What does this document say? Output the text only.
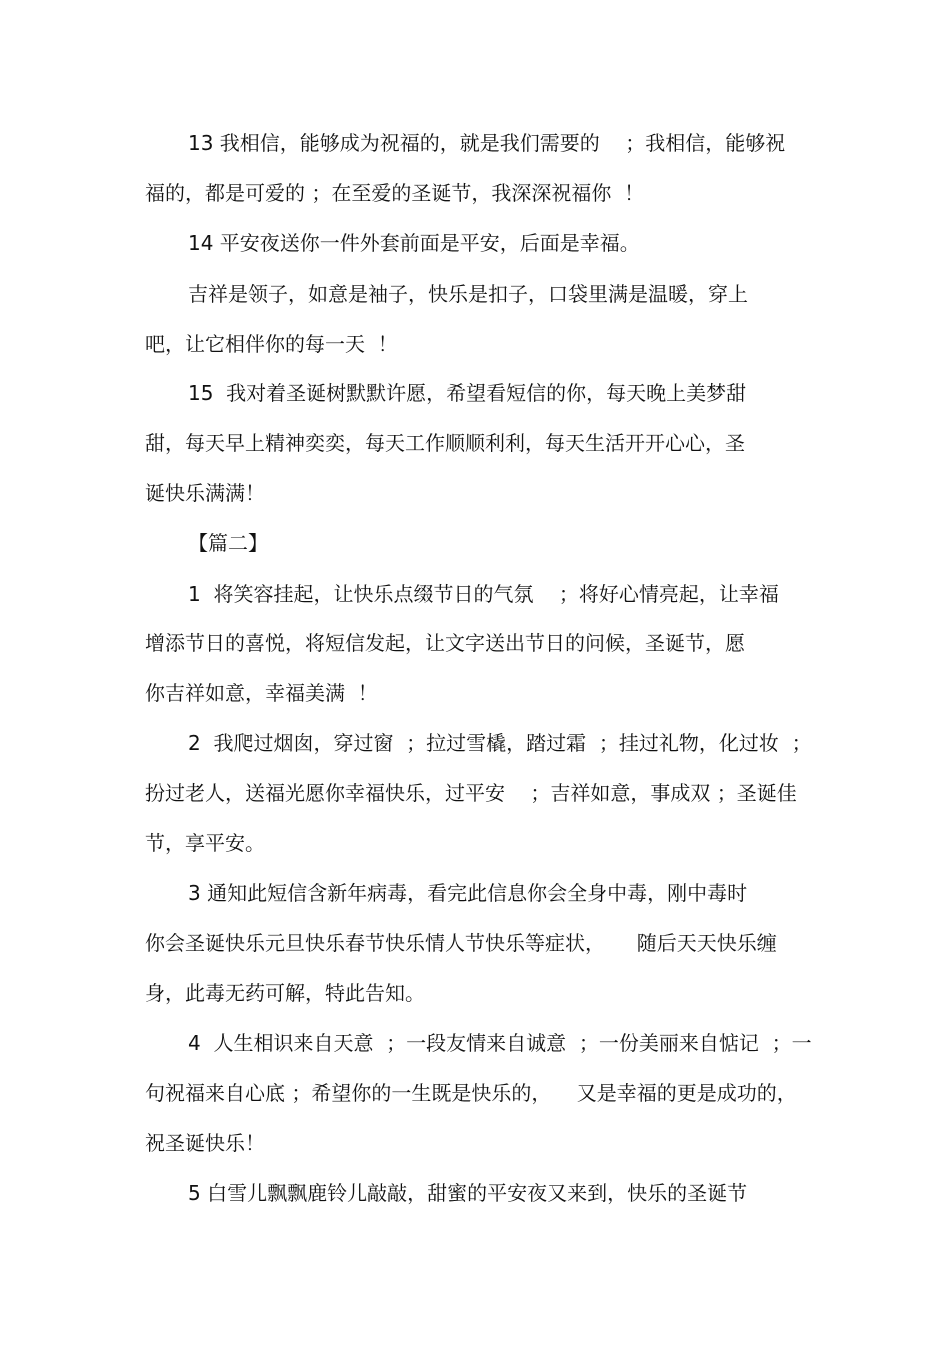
13 我相信，能够成为祝福的，就是我们需要的    ；我相信，能够祝
福的，都是可爱的 ；在至爱的圣诞节，我深深祝福你  ！
14 平安夜送你一件外套前面是平安，后面是幸福。
吉祥是领子，如意是袖子，快乐是扣子，口袋里满是温暖，穿上
吧，让它相伴你的每一天  ！
15  我对着圣诞树默默许愿，希望看短信的你，每天晚上美梦甜
甜，每天早上精神奕奕，每天工作顺顺利利，每天生活开开心心，圣
诞快乐满满！
【篇二】
1  将笑容挂起，让快乐点缀节日的气氛    ；将好心情亮起，让幸福
增添节日的喜悦，将短信发起，让文字送出节日的问候，圣诞节，愿
你吉祥如意，幸福美满  ！
2  我爬过烟囱，穿过窗  ；拉过雪橇，踏过霜  ；挂过礼物，化过妆  ；
扮过老人，送福光愿你幸福快乐，过平安    ；吉祥如意，事成双 ；圣诞佳
节，享平安。
3 通知此短信含新年病毒，看完此信息你会全身中毒，刚中毒时
你会圣诞快乐元旦快乐春节快乐情人节快乐等症状，     随后天天快乐缠
身，此毒无药可解，特此告知。
4  人生相识来自天意  ；一段友情来自诚意  ；一份美丽来自惦记  ；一
句祝福来自心底 ；希望你的一生既是快乐的，    又是幸福的更是成功的，
祝圣诞快乐！
5 白雪儿飘飘鹿铃儿敲敲，甜蜜的平安夜又来到，快乐的圣诞节
